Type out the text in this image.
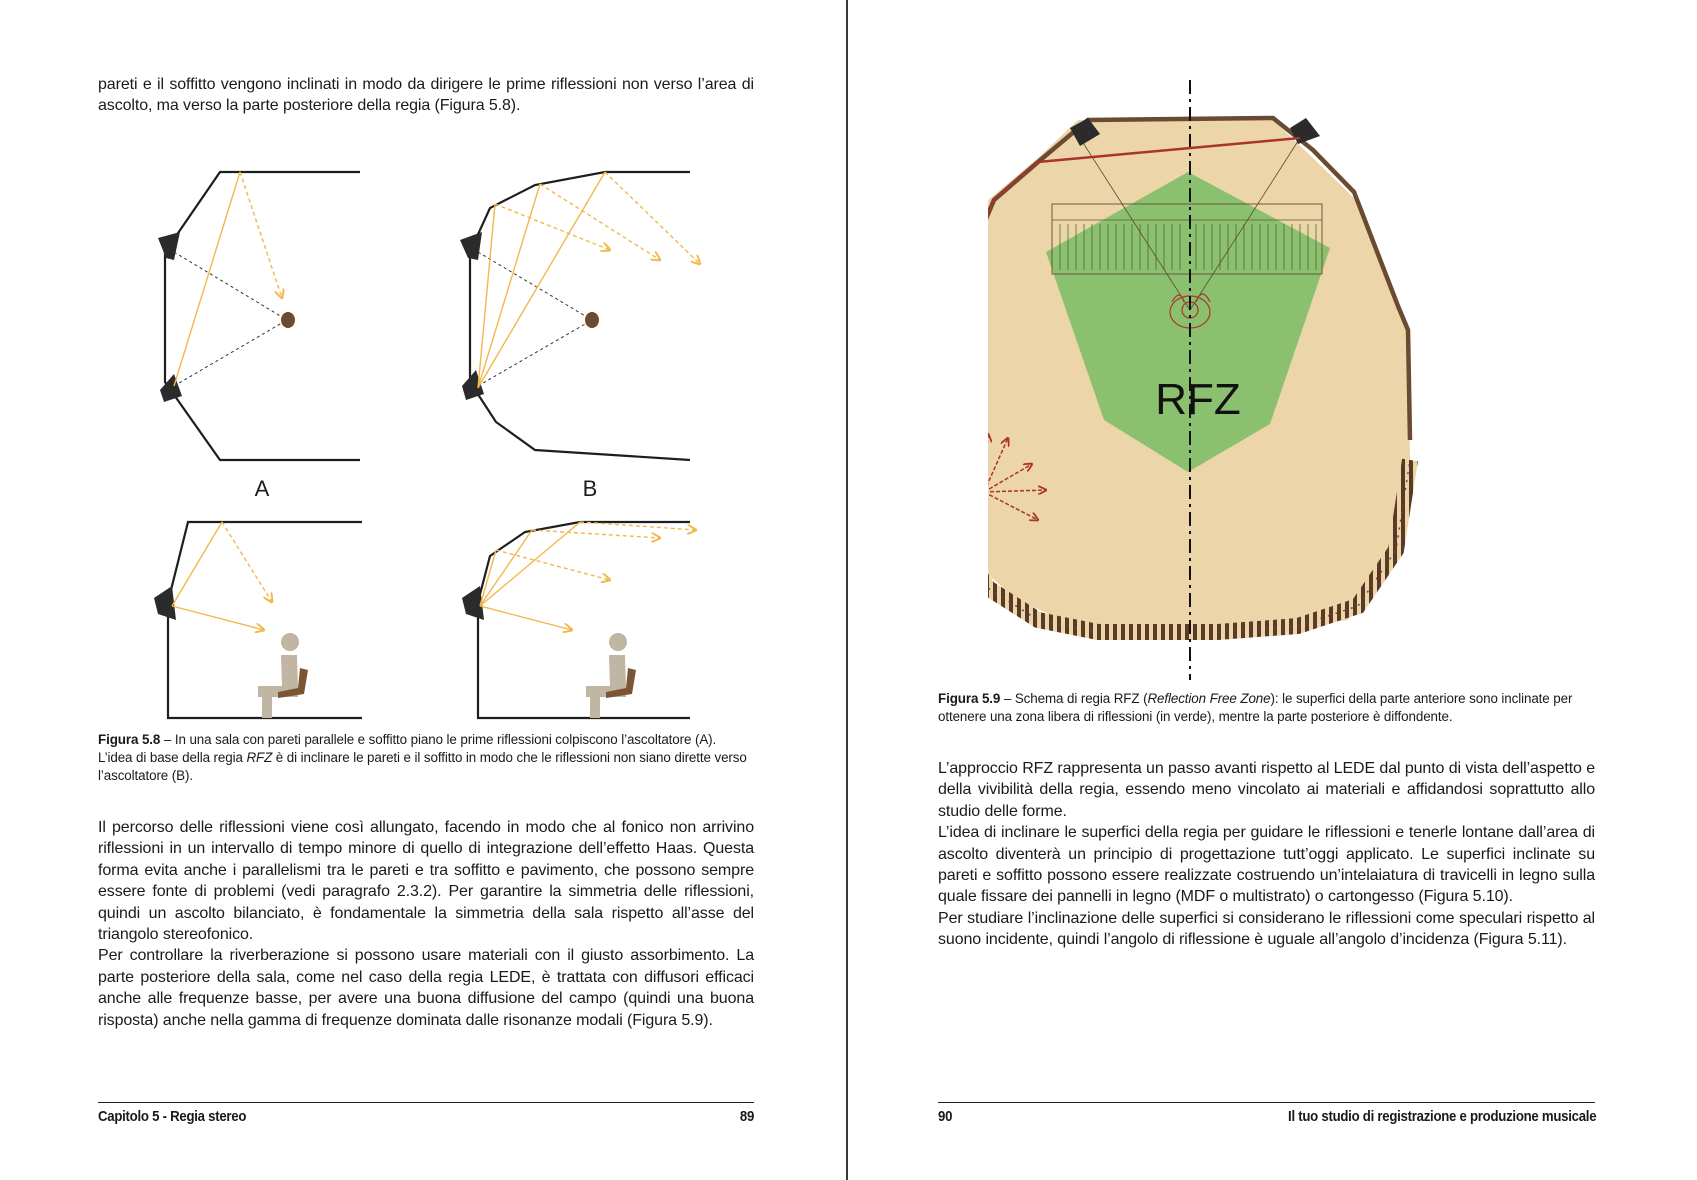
pareti e il soffitto vengono inclinati in modo da dirigere le prime riflessioni non verso l’area di ascolto, ma verso la parte posteriore della regia (Figura 5.8).
A	B
Figura 5.8 – In una sala con pareti parallele e soffitto piano le prime riflessioni colpiscono l’ascoltatore (A). L’idea di base della regia RFZ è di inclinare le pareti e il soffitto in modo che le riflessioni non siano dirette verso l’ascoltatore (B).

Il percorso delle riflessioni viene così allungato, facendo in modo che al fonico non arrivino riflessioni in un intervallo di tempo minore di quello di integrazione dell’effetto Haas. Questa forma evita anche i parallelismi tra le pareti e tra soffitto e pavimento, che possono sempre essere fonte di problemi (vedi paragrafo 2.3.2). Per garantire la simmetria delle riflessioni, quindi un ascolto bilanciato, è fondamentale la simmetria della sala rispetto all’asse del triangolo stereofonico.

Per controllare la riverberazione si possono usare materiali con il giusto assorbimento. La parte posteriore della sala, come nel caso della regia LEDE, è trattata con diffusori efficaci anche alle frequenze basse, per avere una buona diffusione del campo (quindi una buona risposta) anche nella gamma di frequenze dominata dalle risonanze modali (Figura 5.9).

Capitolo 5 - Regia stereo	89
RFZ
Figura 5.9 – Schema di regia RFZ (Reflection Free Zone): le superfici della parte anteriore sono inclinate per ottenere una zona libera di riflessioni (in verde), mentre la parte posteriore è diffondente.

L’approccio RFZ rappresenta un passo avanti rispetto al LEDE dal punto di vista dell’aspetto e della vivibilità della regia, essendo meno vincolato ai materiali e affidandosi soprattutto allo studio delle forme.

L’idea di inclinare le superfici della regia per guidare le riflessioni e tenerle lontane dall’area di ascolto diventerà un principio di progettazione tutt’oggi applicato. Le superfici inclinate su pareti e soffitto possono essere realizzate costruendo un’intelaiatura di travicelli in legno sulla quale fissare dei pannelli in legno (MDF o multistrato) o cartongesso (Figura 5.10).

Per studiare l’inclinazione delle superfici si considerano le riflessioni come speculari rispetto al suono incidente, quindi l’angolo di riflessione è uguale all’angolo d’incidenza (Figura 5.11).

90	Il tuo studio di registrazione e produzione musicale
